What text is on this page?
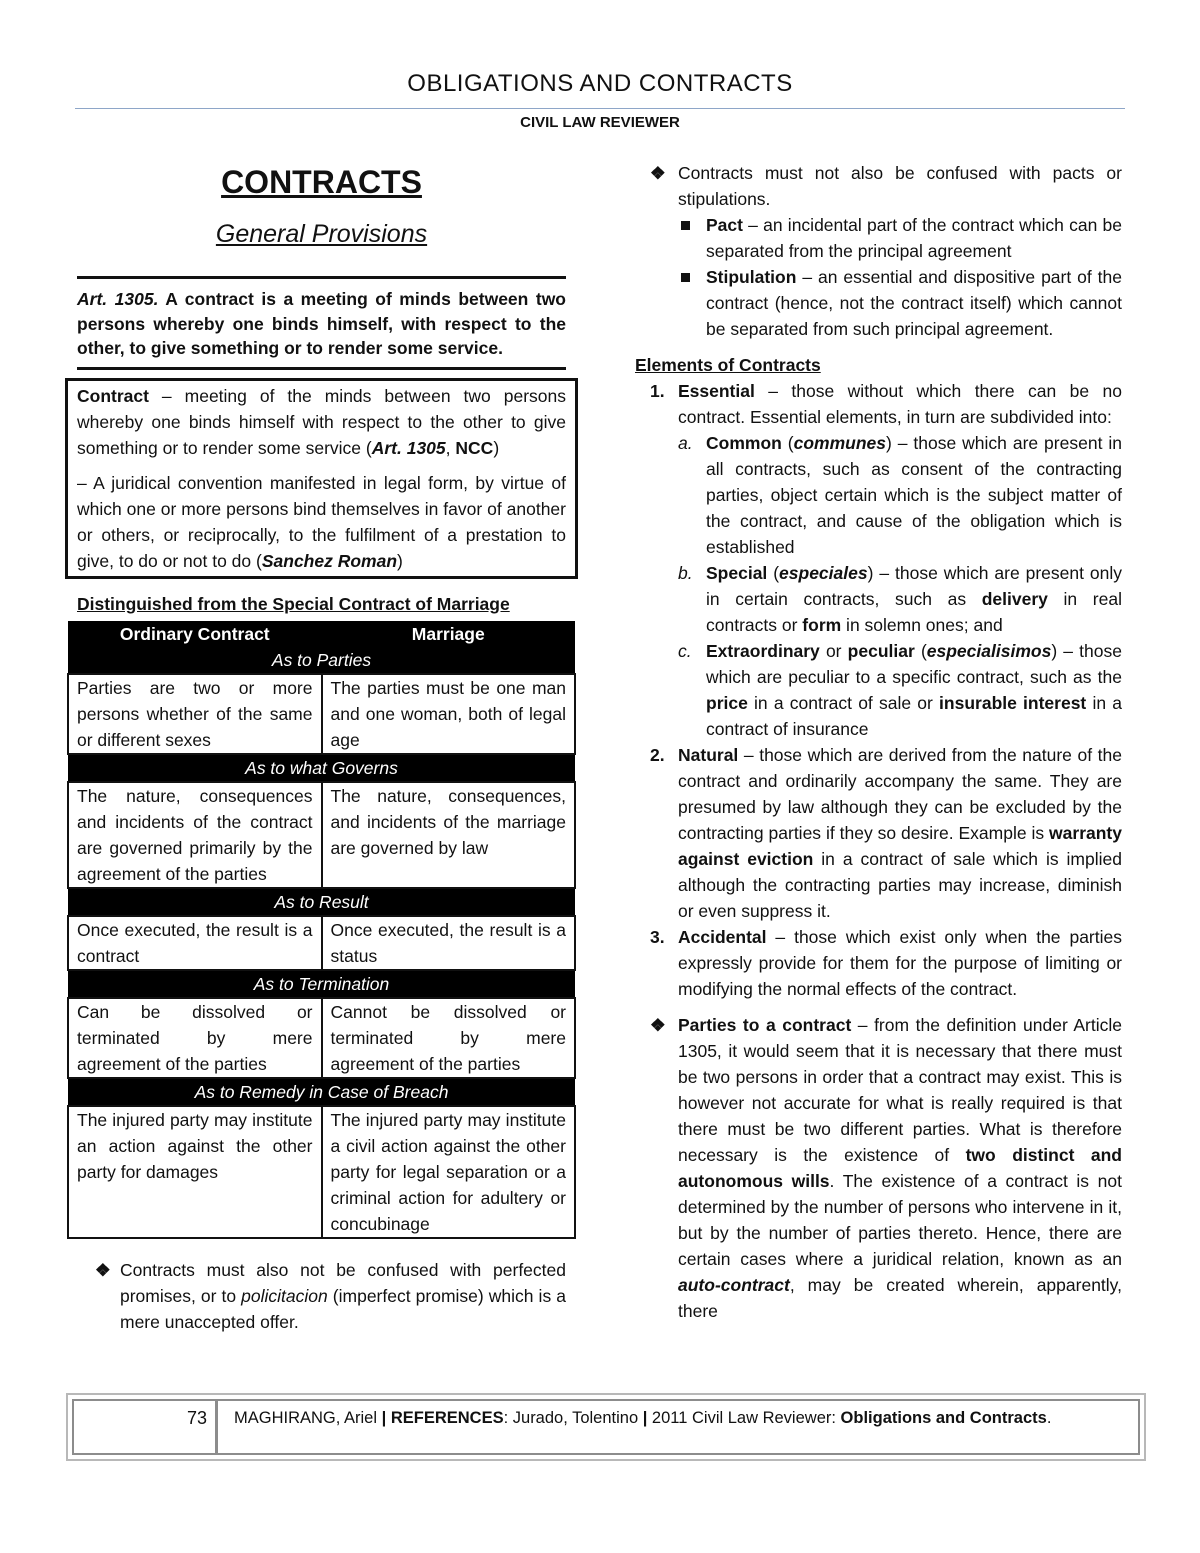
OBLIGATIONS AND CONTRACTS
CIVIL LAW REVIEWER
CONTRACTS
General Provisions
Art. 1305. A contract is a meeting of minds between two persons whereby one binds himself, with respect to the other, to give something or to render some service.

Contract – meeting of the minds between two persons whereby one binds himself with respect to the other to give something or to render some service (Art. 1305, NCC)

– A juridical convention manifested in legal form, by virtue of which one or more persons bind themselves in favor of another or others, or reciprocally, to the fulfilment of a prestation to give, to do or not to do (Sanchez Roman)

Distinguished from the Special Contract of Marriage
Ordinary Contract	Marriage
As to Parties	
Parties are two or more persons whether of the same or different sexes	The parties must be one man and one woman, both of legal age
As to what Governs	
The nature, consequences and incidents of the contract are governed primarily by the agreement of the parties	The nature, consequences, and incidents of the marriage are governed by law
As to Result	
Once executed, the result is a contract	Once executed, the result is a status
As to Termination	
Can be dissolved or terminated by mere agreement of the parties	Cannot be dissolved or terminated by mere agreement of the parties
As to Remedy in Case of Breach	
The injured party may institute an action against the other party for damages	The injured party may institute a civil action against the other party for legal separation or a criminal action for adultery or concubinage
❖ Contracts must also not be confused with perfected promises, or to policitacion (imperfect promise) which is a mere unaccepted offer.
❖ Contracts must not also be confused with pacts or stipulations.
Pact – an incidental part of the contract which can be separated from the principal agreement
Stipulation – an essential and dispositive part of the contract (hence, not the contract itself) which cannot be separated from such principal agreement.
Elements of Contracts
1. Essential – those without which there can be no contract. Essential elements, in turn are subdivided into:
a. Common (communes) – those which are present in all contracts, such as consent of the contracting parties, object certain which is the subject matter of the contract, and cause of the obligation which is established
b. Special (especiales) – those which are present only in certain contracts, such as delivery in real contracts or form in solemn ones; and
c. Extraordinary or peculiar (especialisimos) – those which are peculiar to a specific contract, such as the price in a contract of sale or insurable interest in a contract of insurance
2. Natural – those which are derived from the nature of the contract and ordinarily accompany the same. They are presumed by law although they can be excluded by the contracting parties if they so desire. Example is warranty against eviction in a contract of sale which is implied although the contracting parties may increase, diminish or even suppress it.
3. Accidental – those which exist only when the parties expressly provide for them for the purpose of limiting or modifying the normal effects of the contract.
❖ Parties to a contract – from the definition under Article 1305, it would seem that it is necessary that there must be two persons in order that a contract may exist. This is however not accurate for what is really required is that there must be two different parties. What is therefore necessary is the existence of two distinct and autonomous wills. The existence of a contract is not determined by the number of persons who intervene in it, but by the number of parties thereto. Hence, there are certain cases where a juridical relation, known as an auto-contract, may be created wherein, apparently, there
73	MAGHIRANG, Ariel | REFERENCES: Jurado, Tolentino | 2011 Civil Law Reviewer: Obligations and Contracts.
